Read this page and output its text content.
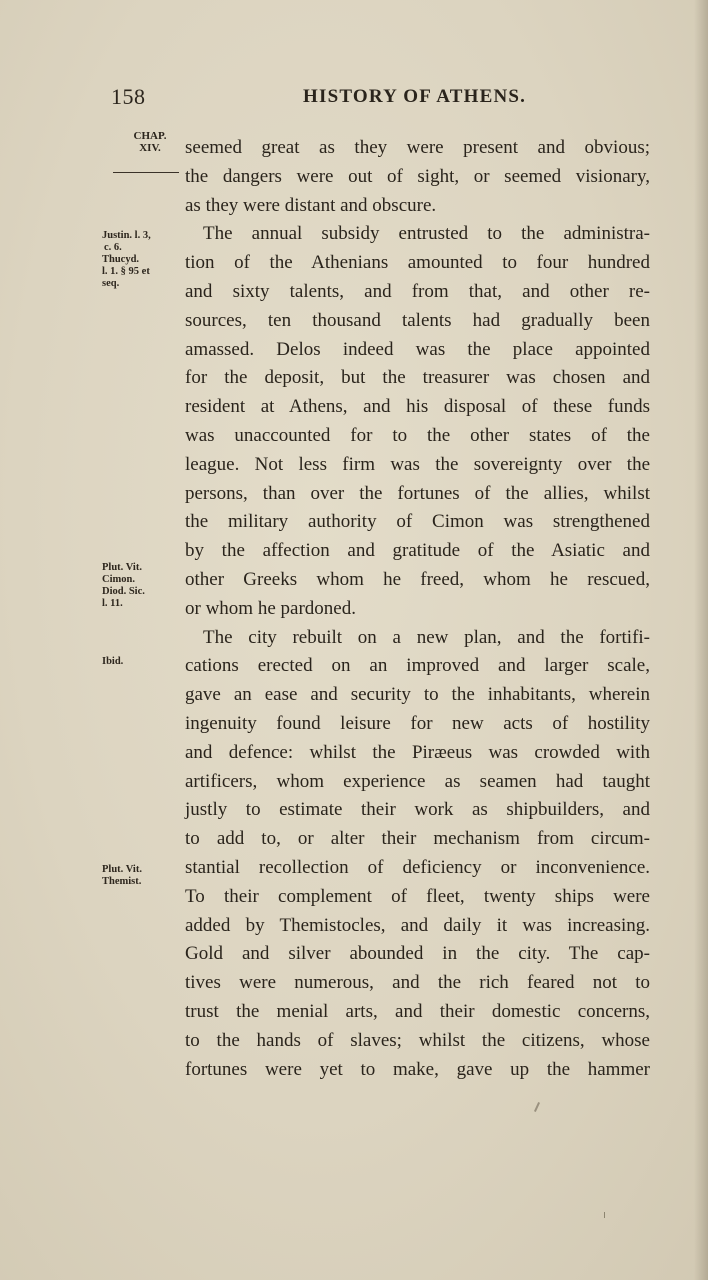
158	HISTORY OF ATHENS.
CHAP.
XIV.
Justin. l. 3,
c. 6.
Thucyd.
l. 1. § 95 et
seq.
Plut. Vit.
Cimon.
Diod. Sic.
l. 11.
Ibid.
Plut. Vit.
Themist.
seemed great as they were present and obvious;
the dangers were out of sight, or seemed visionary,
as they were distant and obscure.
The annual subsidy entrusted to the administra-
tion of the Athenians amounted to four hundred
and sixty talents, and from that, and other re-
sources, ten thousand talents had gradually been
amassed. Delos indeed was the place appointed
for the deposit, but the treasurer was chosen and
resident at Athens, and his disposal of these funds
was unaccounted for to the other states of the
league. Not less firm was the sovereignty over the
persons, than over the fortunes of the allies, whilst
the military authority of Cimon was strengthened
by the affection and gratitude of the Asiatic and
other Greeks whom he freed, whom he rescued,
or whom he pardoned.
The city rebuilt on a new plan, and the fortifi-
cations erected on an improved and larger scale,
gave an ease and security to the inhabitants, wherein
ingenuity found leisure for new acts of hostility
and defence: whilst the Piræeus was crowded with
artificers, whom experience as seamen had taught
justly to estimate their work as shipbuilders, and
to add to, or alter their mechanism from circum-
stantial recollection of deficiency or inconvenience.
To their complement of fleet, twenty ships were
added by Themistocles, and daily it was increasing.
Gold and silver abounded in the city. The cap-
tives were numerous, and the rich feared not to
trust the menial arts, and their domestic concerns,
to the hands of slaves; whilst the citizens, whose
fortunes were yet to make, gave up the hammer
